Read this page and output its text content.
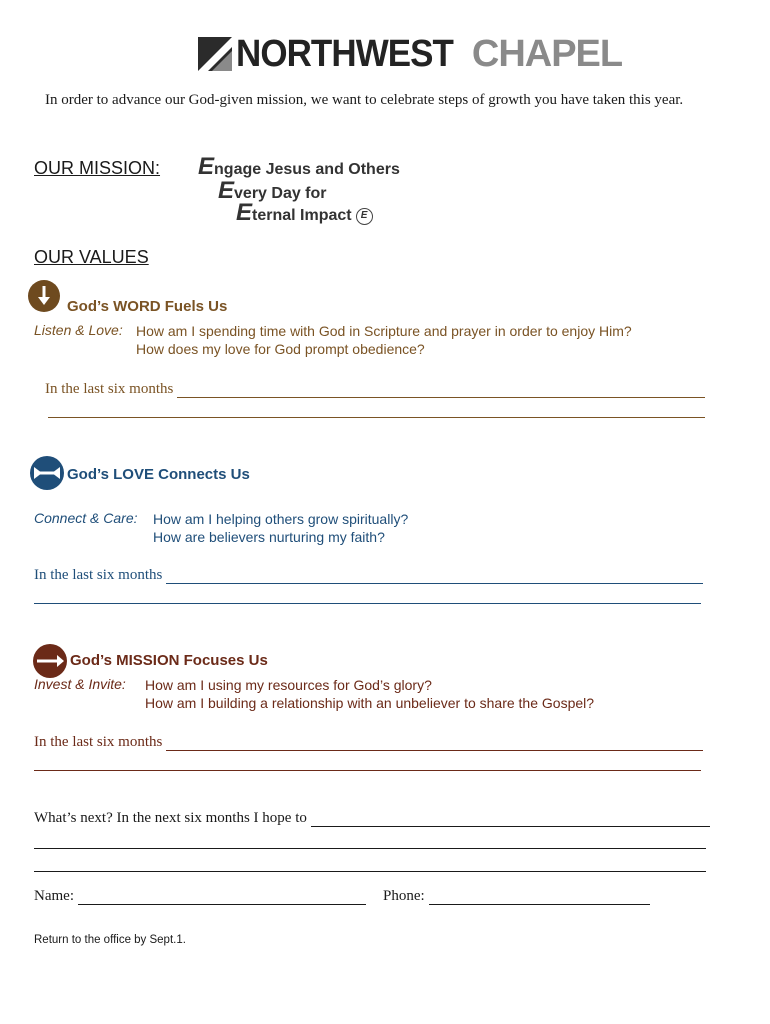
NORTHWEST CHAPEL
In order to advance our God-given mission, we want to celebrate steps of growth you have taken this year.
OUR MISSION: Engage Jesus and Others
Every Day for
Eternal Impact E
OUR VALUES
God’s WORD Fuels Us
Listen & Love: How am I spending time with God in Scripture and prayer in order to enjoy Him?
How does my love for God prompt obedience?
In the last six months
God’s LOVE Connects Us
Connect & Care: How am I helping others grow spiritually?
How are believers nurturing my faith?
In the last six months
God’s MISSION Focuses Us
Invest & Invite: How am I using my resources for God’s glory?
How am I building a relationship with an unbeliever to share the Gospel?
In the last six months
What’s next? In the next six months I hope to
Name:	Phone:
Return to the office by Sept.1.
